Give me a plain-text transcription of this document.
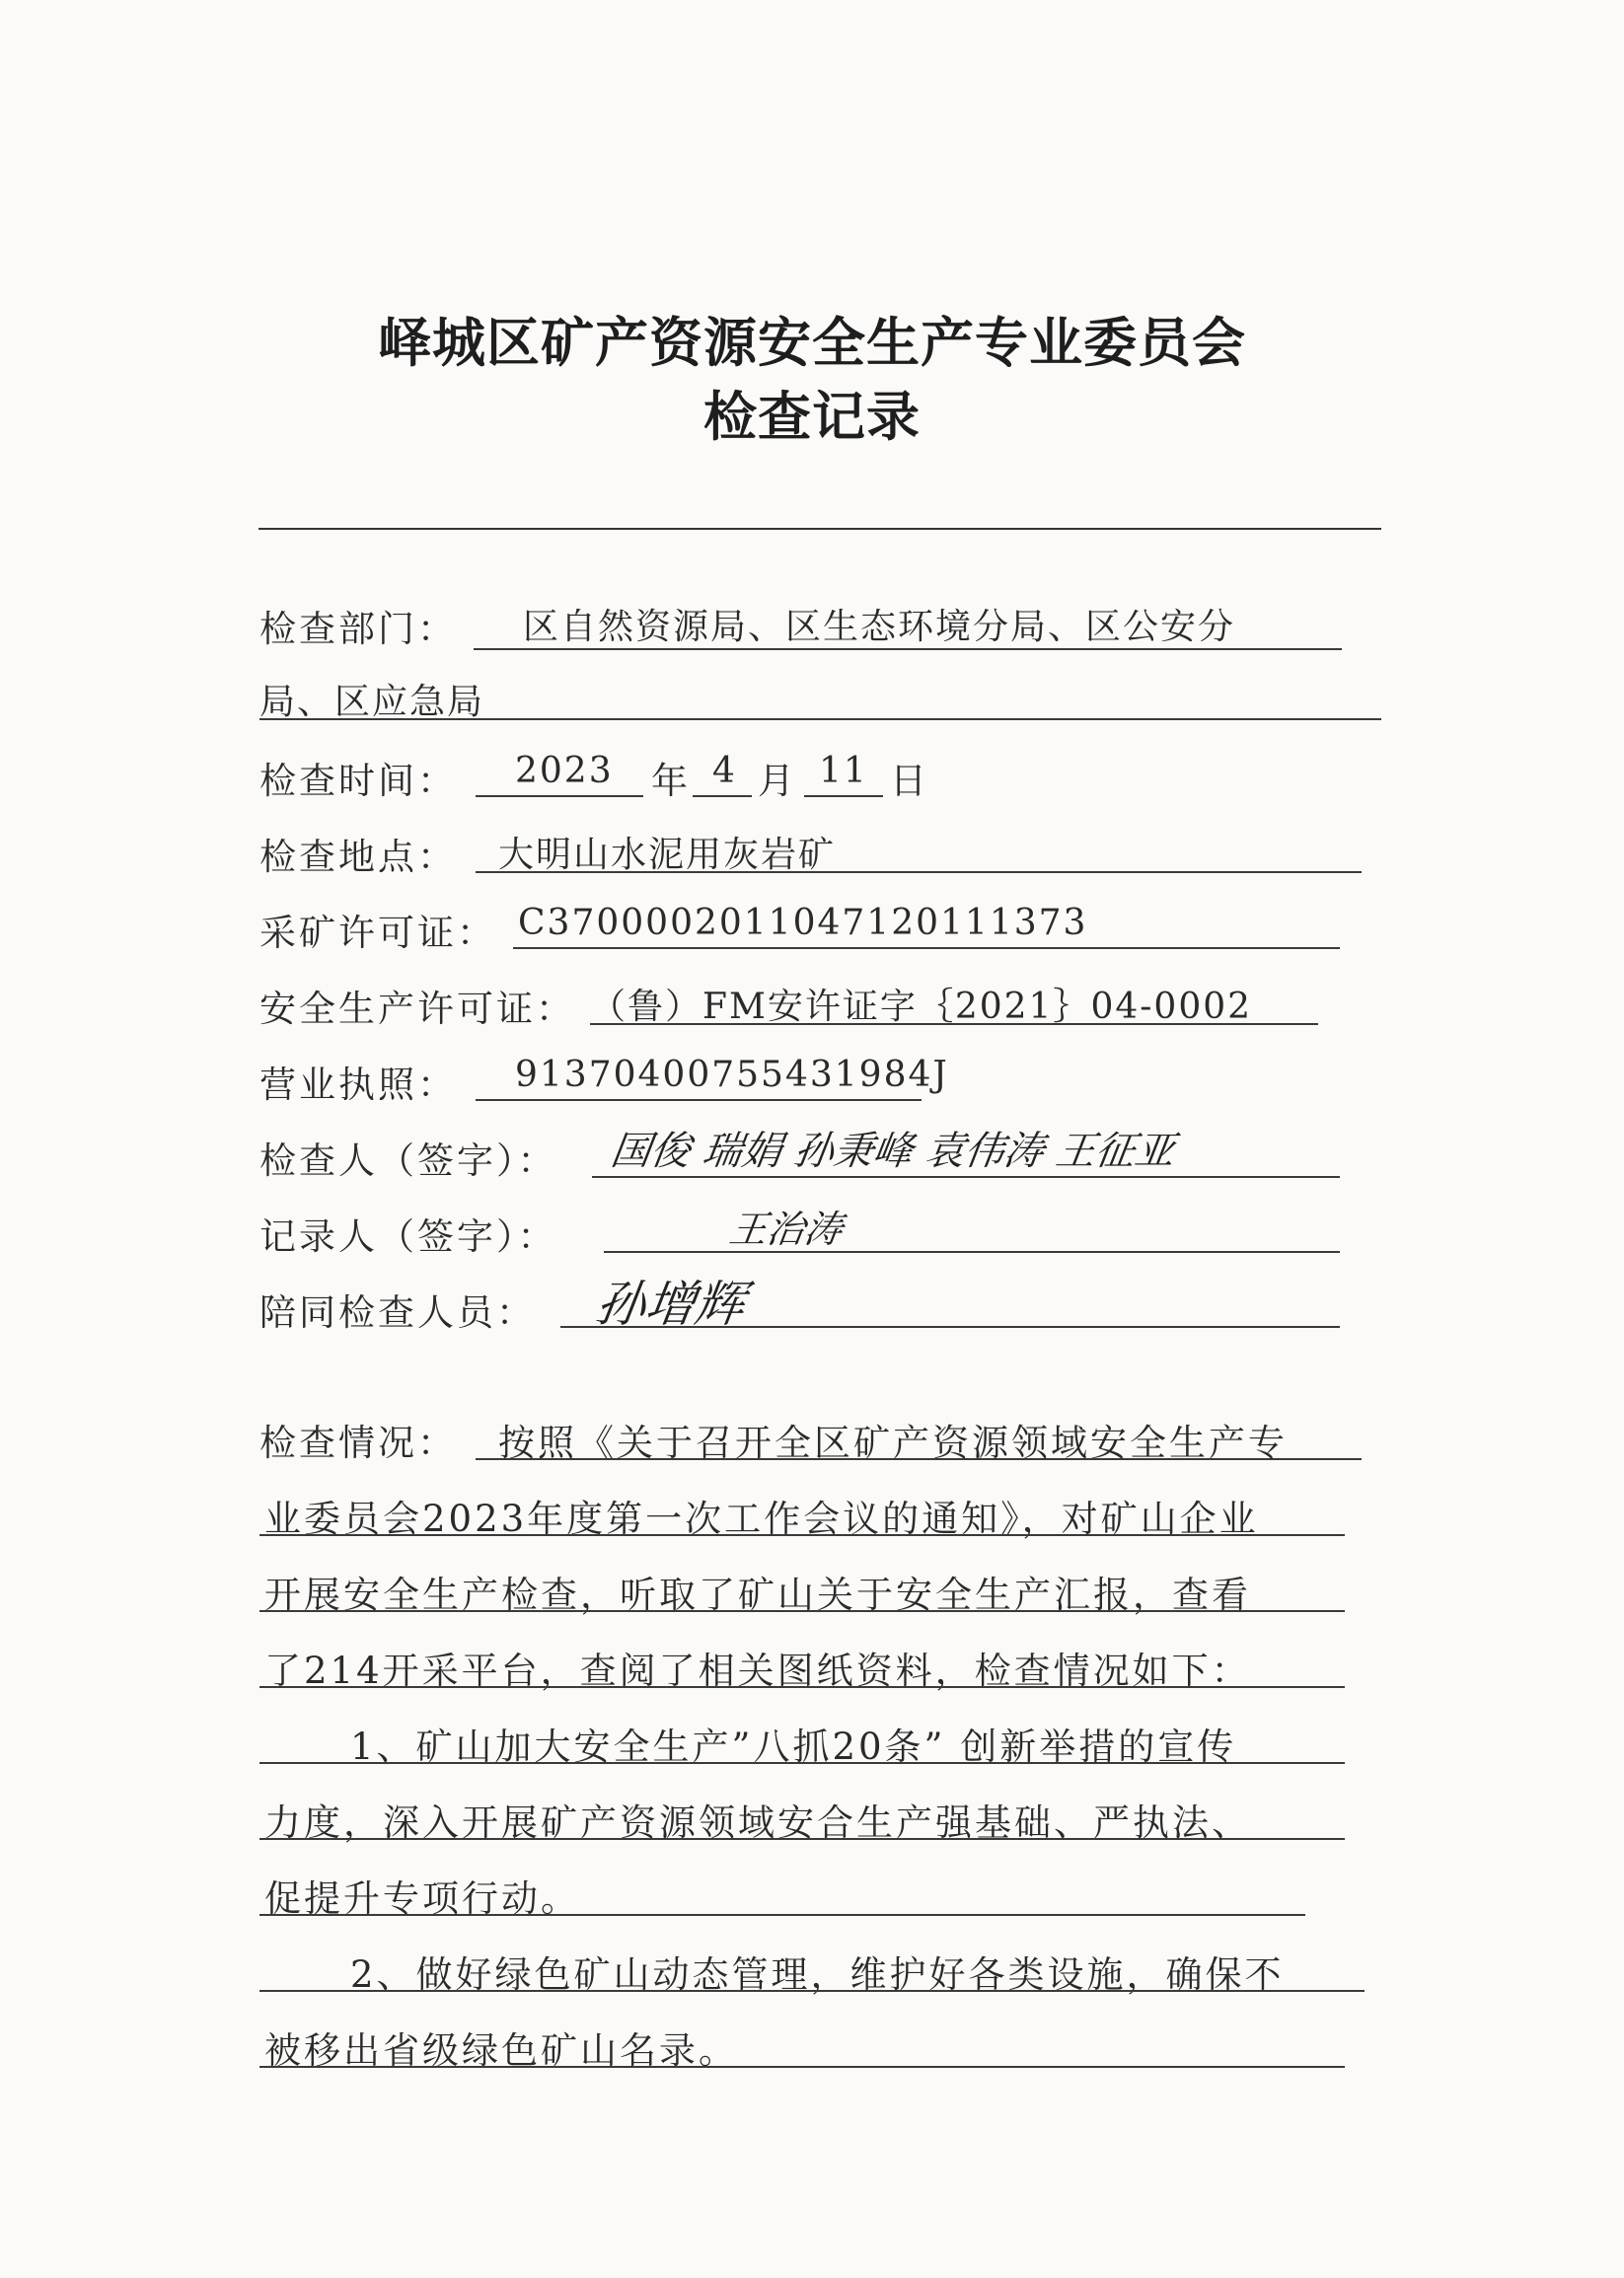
峄城区矿产资源安全生产专业委员会
检查记录
检查部门： 区自然资源局、区生态环境分局、区公安分
局、区应急局
检查时间： 2023 年 4 月 11 日
检查地点： 大明山水泥用灰岩矿
采矿许可证： C3700002011047120111373
安全生产许可证： （鲁）FM安许证字｛2021｝04-0002
营业执照： 91370400755431984J
检查人（签字）： 国俊 瑞娟 孙秉峰 袁伟涛 王征亚
记录人（签字）：	王治涛
陪同检查人员： 孙增辉
检查情况： 按照《关于召开全区矿产资源领域安全生产专
业委员会2023年度第一次工作会议的通知》，对矿山企业
开展安全生产检查，听取了矿山关于安全生产汇报，查看
了214开采平台，查阅了相关图纸资料，检查情况如下：
1、矿山加大安全生产”八抓20条” 创新举措的宣传
力度，深入开展矿产资源领域安合生产强基础、严执法、
促提升专项行动。
2、做好绿色矿山动态管理，维护好各类设施，确保不
被移出省级绿色矿山名录。
